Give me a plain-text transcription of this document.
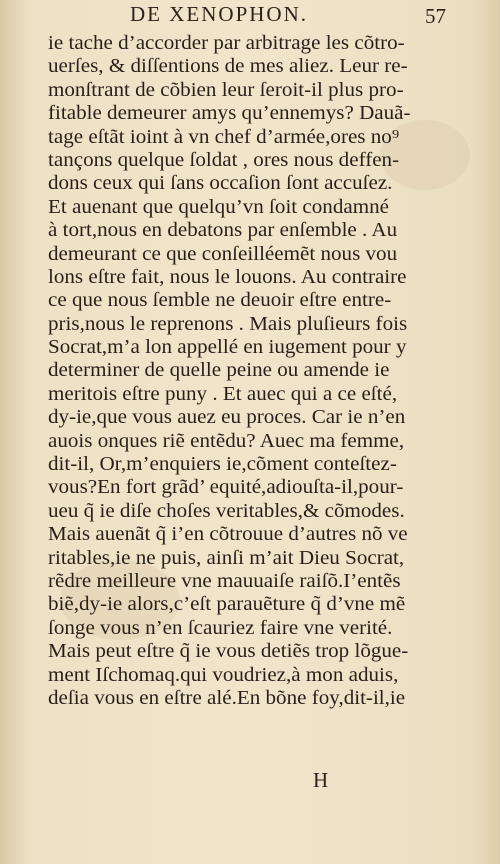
DE XENOPHON.	57
ie tache d’accorder par arbitrage les cõtro-
uerſes, & diſſentions de mes aliez. Leur re-
monſtrant de cõbien leur ſeroit-il plus pro-
fitable demeurer amys qu’ennemys? Dauã-
tage eſtãt ioint à vn chef d’armée,ores no⁹
tançons quelque ſoldat , ores nous deffen-
dons ceux qui ſans occaſion ſont accuſez.
Et auenant que quelqu’vn ſoit condamné
à tort,nous en debatons par enſemble . Au
demeurant ce que conſeilléemẽt nous vou
lons eſtre fait, nous le louons. Au contraire
ce que nous ſemble ne deuoir eſtre entre-
pris,nous le reprenons . Mais pluſieurs fois
Socrat,m’a lon appellé en iugement pour y
determiner de quelle peine ou amende ie
meritois eſtre puny . Et auec qui a ce eſté,
dy-ie,que vous auez eu proces. Car ie n’en
auois onques riẽ entẽdu? Auec ma femme,
dit-il, Or,m’enquiers ie,cõment conteſtez-
vous?En fort grãd’ equité,adiouſta-il,pour-
ueu q̃ ie diſe choſes veritables,& cõmodes.
Mais auenãt q̃ i’en cõtrouue d’autres nõ ve
ritables,ie ne puis, ainſi m’ait Dieu Socrat,
rẽdre meilleure vne mauuaiſe raiſõ.I’entẽs
biẽ,dy-ie alors,c’eſt parauẽture q̃ d’vne mẽ
ſonge vous n’en ſcauriez faire vne verité.
Mais peut eſtre q̃ ie vous detiẽs trop lõgue-
ment Iſchomaq.qui voudriez,à mon aduis,
deſia vous en eſtre alé.En bõne foy,dit-il,ie
H
